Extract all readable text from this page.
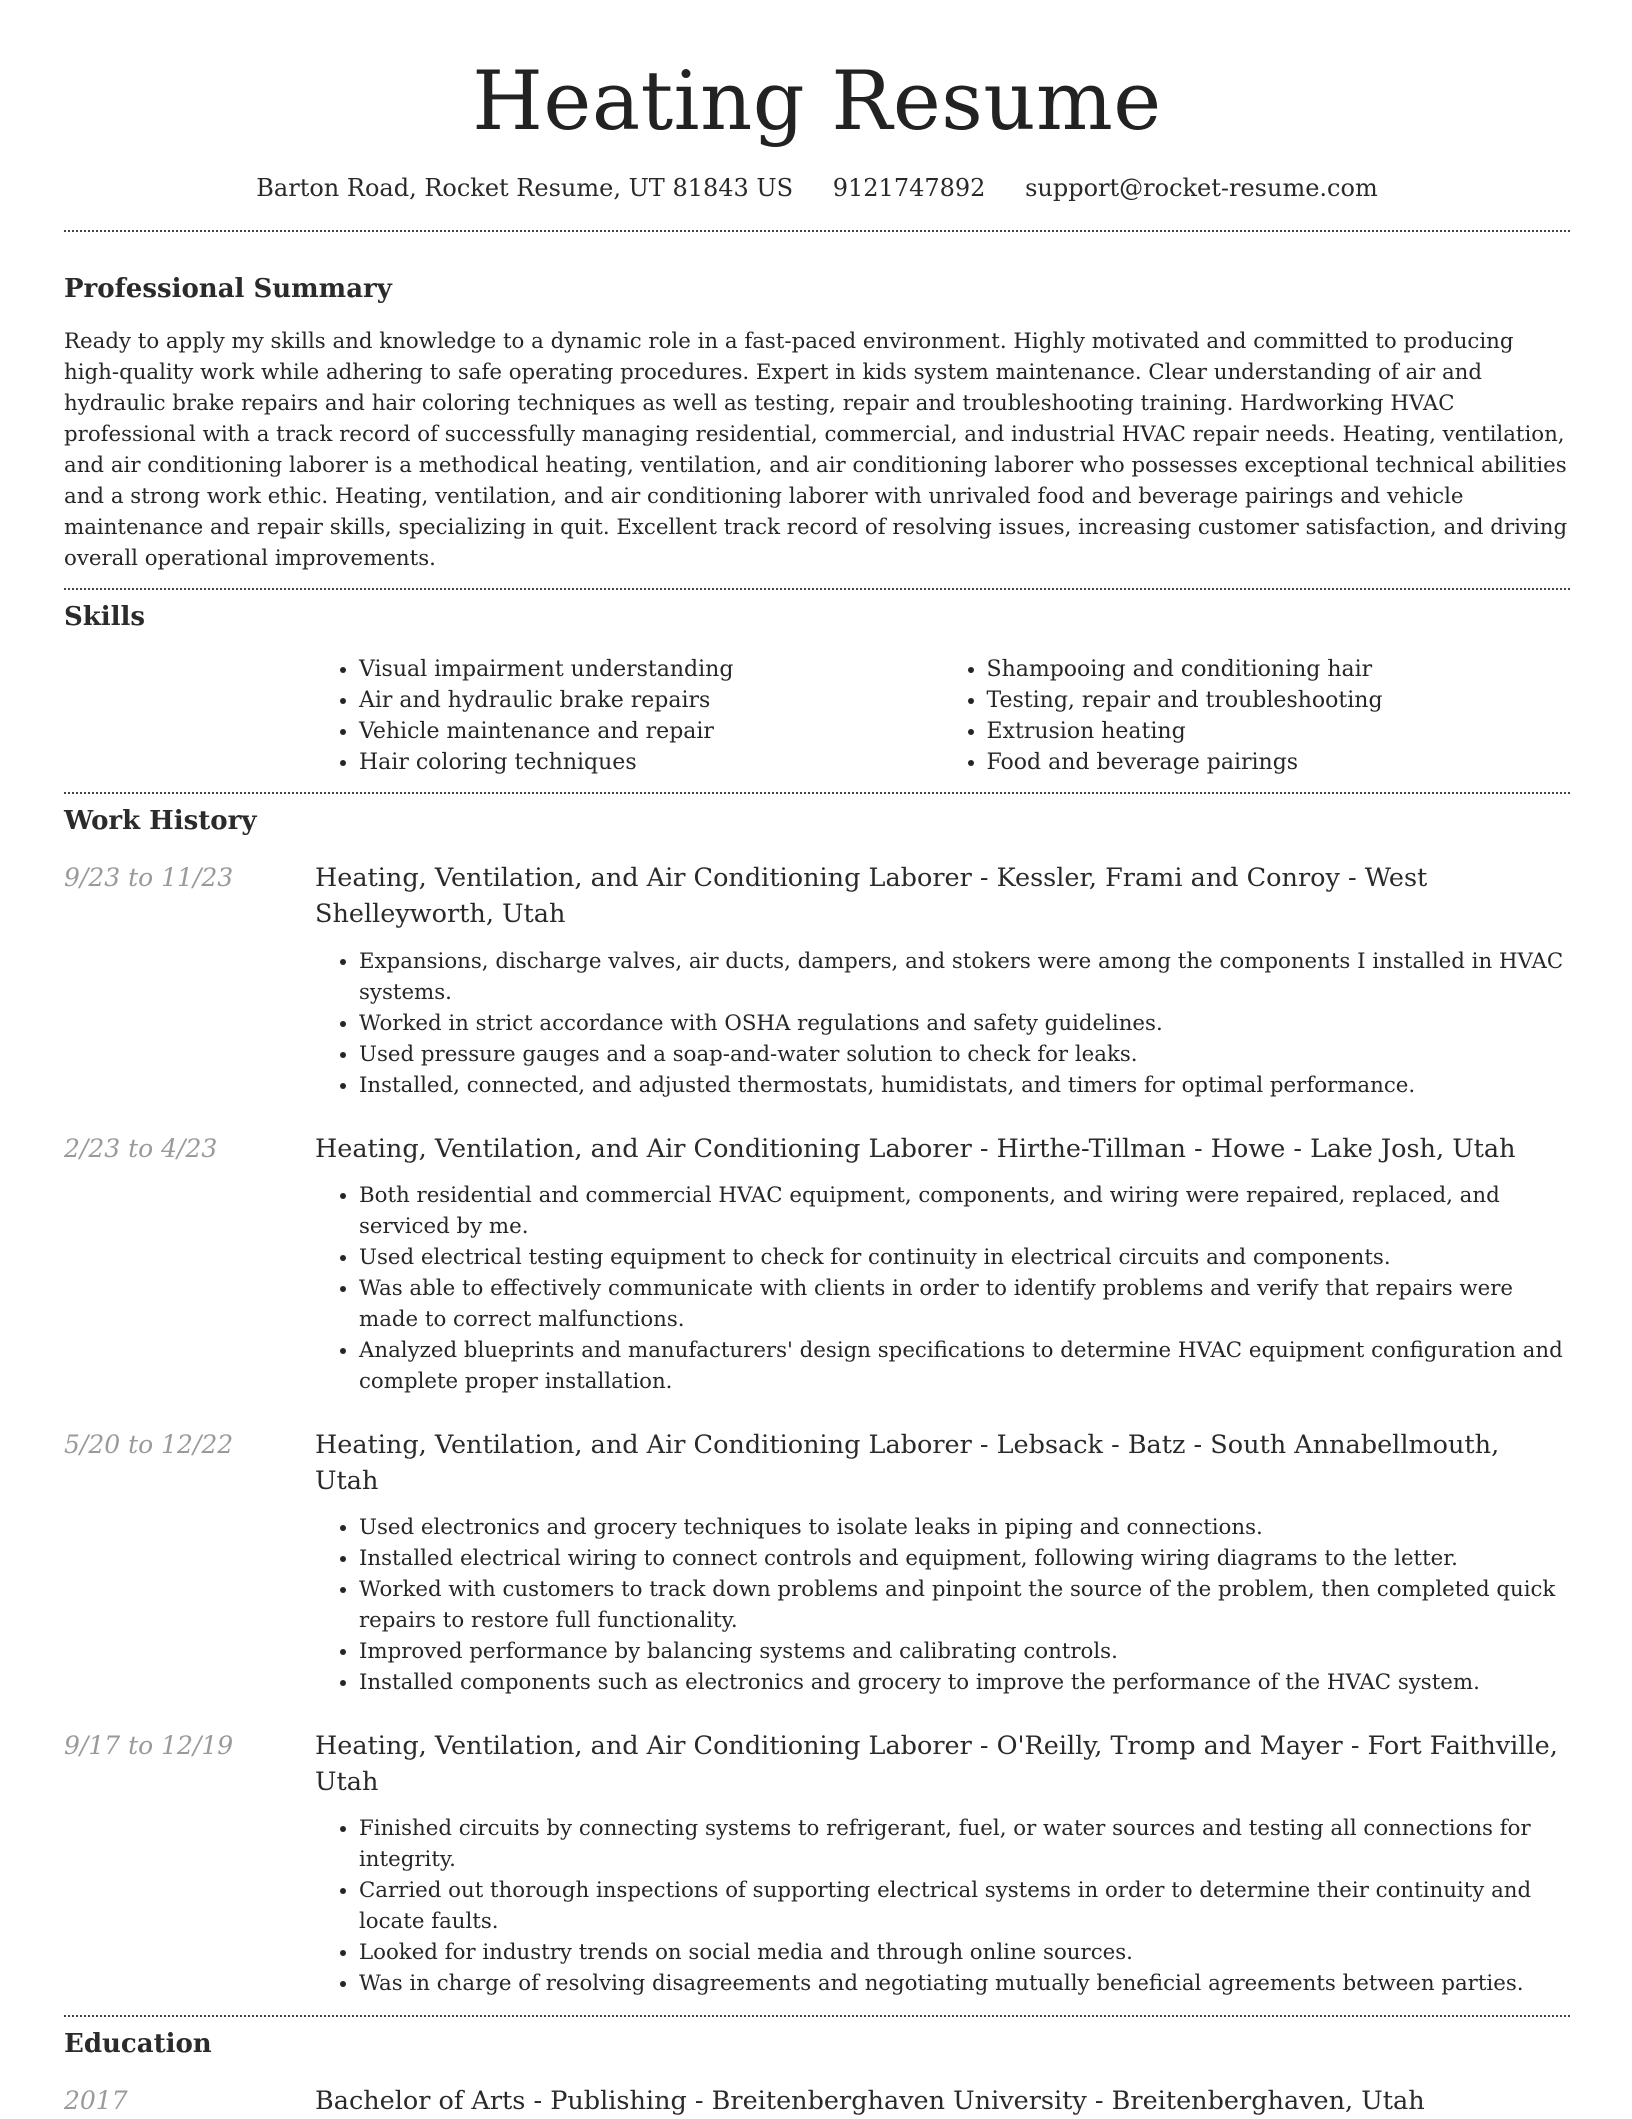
Heating Resume
Barton Road, Rocket Resume, UT 81843 US 9121747892 support@rocket-resume.com
Professional Summary

Ready to apply my skills and knowledge to a dynamic role in a fast-paced environment. Highly motivated and committed to producing high-quality work while adhering to safe operating procedures. Expert in kids system maintenance. Clear understanding of air and hydraulic brake repairs and hair coloring techniques as well as testing, repair and troubleshooting training. Hardworking HVAC professional with a track record of successfully managing residential, commercial, and industrial HVAC repair needs. Heating, ventilation, and air conditioning laborer is a methodical heating, ventilation, and air conditioning laborer who possesses exceptional technical abilities and a strong work ethic. Heating, ventilation, and air conditioning laborer with unrivaled food and beverage pairings and vehicle maintenance and repair skills, specializing in quit. Excellent track record of resolving issues, increasing customer satisfaction, and driving overall operational improvements.

Skills
• Visual impairment understanding
• Air and hydraulic brake repairs
• Vehicle maintenance and repair
• Hair coloring techniques
• Shampooing and conditioning hair
• Testing, repair and troubleshooting
• Extrusion heating
• Food and beverage pairings
Work History
9/23 to 11/23	Heating, Ventilation, and Air Conditioning Laborer - Kessler, Frami and Conroy - West Shelleyworth, Utah

• Expansions, discharge valves, air ducts, dampers, and stokers were among the components I installed in HVAC systems.
• Worked in strict accordance with OSHA regulations and safety guidelines.
• Used pressure gauges and a soap-and-water solution to check for leaks.
• Installed, connected, and adjusted thermostats, humidistats, and timers for optimal performance.
2/23 to 4/23	Heating, Ventilation, and Air Conditioning Laborer - Hirthe-Tillman - Howe - Lake Josh, Utah

• Both residential and commercial HVAC equipment, components, and wiring were repaired, replaced, and serviced by me.
• Used electrical testing equipment to check for continuity in electrical circuits and components.
• Was able to effectively communicate with clients in order to identify problems and verify that repairs were made to correct malfunctions.
• Analyzed blueprints and manufacturers' design specifications to determine HVAC equipment configuration and complete proper installation.
5/20 to 12/22	Heating, Ventilation, and Air Conditioning Laborer - Lebsack - Batz - South Annabellmouth, Utah

• Used electronics and grocery techniques to isolate leaks in piping and connections.
• Installed electrical wiring to connect controls and equipment, following wiring diagrams to the letter.
• Worked with customers to track down problems and pinpoint the source of the problem, then completed quick repairs to restore full functionality.
• Improved performance by balancing systems and calibrating controls.
• Installed components such as electronics and grocery to improve the performance of the HVAC system.
9/17 to 12/19	Heating, Ventilation, and Air Conditioning Laborer - O'Reilly, Tromp and Mayer - Fort Faithville, Utah

• Finished circuits by connecting systems to refrigerant, fuel, or water sources and testing all connections for integrity.
• Carried out thorough inspections of supporting electrical systems in order to determine their continuity and locate faults.
• Looked for industry trends on social media and through online sources.
• Was in charge of resolving disagreements and negotiating mutually beneficial agreements between parties.
Education
2017	Bachelor of Arts - Publishing - Breitenberghaven University - Breitenberghaven, Utah
